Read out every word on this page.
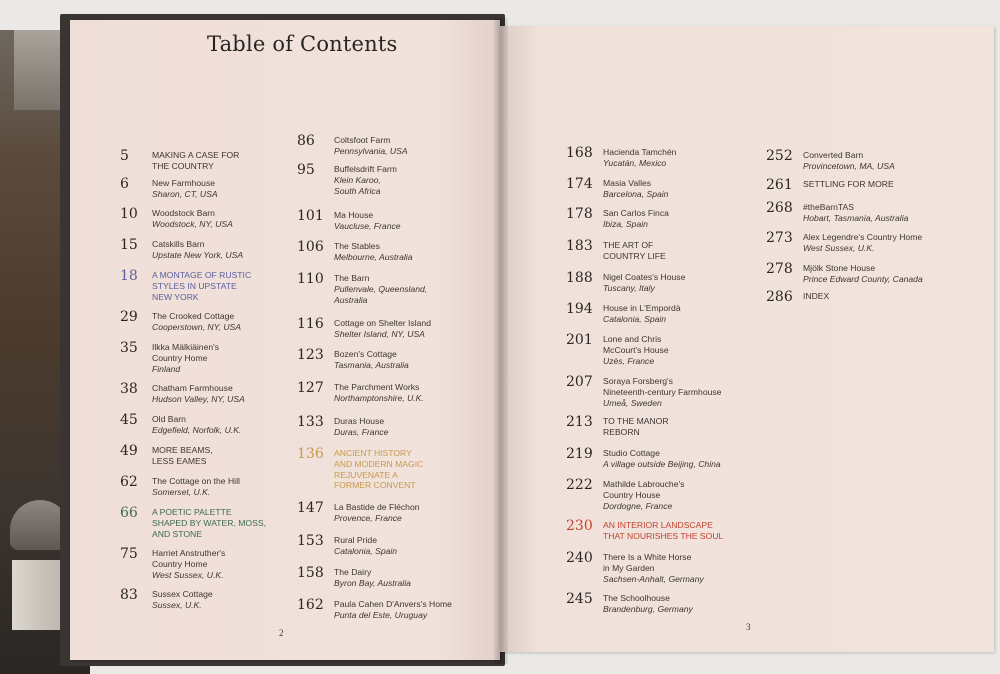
Table of Contents
5	MAKING A CASE FOR
THE COUNTRY
6	New Farmhouse
Sharon, CT, USA
10 Woodstock Barn
Woodstock, NY, USA
15 Catskills Barn
Upstate New York, USA
18 A MONTAGE OF RUSTIC
STYLES IN UPSTATE
NEW YORK
29 The Crooked Cottage
Cooperstown, NY, USA
35 Ilkka Mälkiäinen's
Country Home
Finland
38 Chatham Farmhouse
Hudson Valley, NY, USA
45 Old Barn
Edgefield, Norfolk, U.K.
49 MORE BEAMS,
LESS EAMES
62 The Cottage on the Hill
Somerset, U.K.
66 A POETIC PALETTE
SHAPED BY WATER, MOSS,
AND STONE
75 Harriet Anstruther's
Country Home
West Sussex, U.K.
83 Sussex Cottage
Sussex, U.K.
86 Coltsfoot Farm
Pennsylvania, USA
95 Buffelsdrift Farm
Klein Karoo,
South Africa
101 Ma House
Vaucluse, France
106 The Stables
Melbourne, Australia
110 The Barn
Pullenvale, Queensland,
Australia
116 Cottage on Shelter Island
Shelter Island, NY, USA
123 Bozen's Cottage
Tasmania, Australia
127 The Parchment Works
Northamptonshire, U.K.
133 Duras House
Duras, France
136 ANCIENT HISTORY
AND MODERN MAGIC
REJUVENATE A
FORMER CONVENT
147 La Bastide de Fléchon
Provence, France
153 Rural Pride
Catalonia, Spain
158 The Dairy
Byron Bay, Australia
162 Paula Cahen D'Anvers's Home
Punta del Este, Uruguay
168 Hacienda Tamchén
Yucatán, Mexico
174 Masia Valles
Barcelona, Spain
178 San Carlos Finca
Ibiza, Spain
183 THE ART OF
COUNTRY LIFE
188 Nigel Coates's House
Tuscany, Italy
194 House in L'Empordà
Catalonia, Spain
201 Lone and Chris
McCourt's House
Uzès, France
207 Soraya Forsberg's
Nineteenth-century Farmhouse
Umeå, Sweden
213 TO THE MANOR
REBORN
219 Studio Cottage
A village outside Beijing, China
222 Mathilde Labrouche's
Country House
Dordogne, France
230 AN INTERIOR LANDSCAPE
THAT NOURISHES THE SOUL
240 There Is a White Horse
in My Garden
Sachsen-Anhalt, Germany
245 The Schoolhouse
Brandenburg, Germany
252 Converted Barn
Provincetown, MA, USA
261 SETTLING FOR MORE
268 #theBarnTAS
Hobart, Tasmania, Australia
273 Alex Legendre's Country Home
West Sussex, U.K.
278 Mjölk Stone House
Prince Edward County, Canada
286 INDEX
2
3
